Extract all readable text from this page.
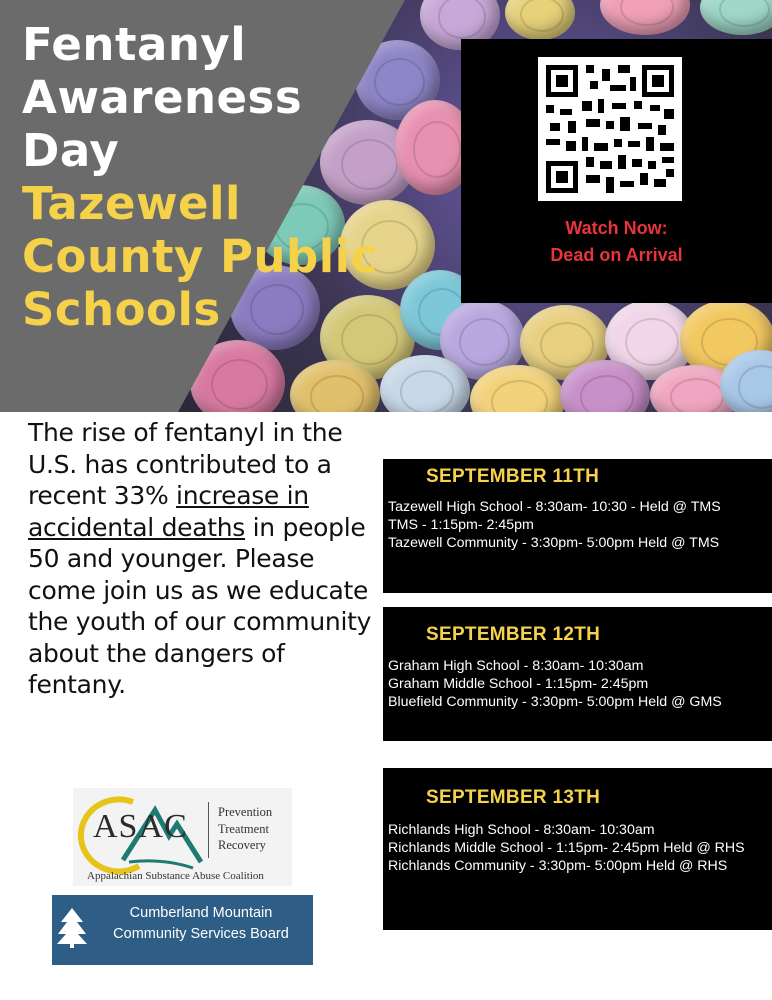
Fentanyl
Awareness
Day
Tazewell
County Public
Schools
Watch Now:
Dead on Arrival
The rise of fentanyl in the U.S. has contributed to a recent 33% increase in accidental deaths in people 50 and younger. Please come join us as we educate the youth of our community about the dangers of fentany.
SEPTEMBER 11TH
Tazewell High School - 8:30am- 10:30 - Held @ TMS
TMS - 1:15pm- 2:45pm
Tazewell Community - 3:30pm- 5:00pm Held @ TMS
SEPTEMBER 12TH
Graham High School - 8:30am- 10:30am
Graham Middle School - 1:15pm- 2:45pm
Bluefield Community - 3:30pm- 5:00pm Held @ GMS
SEPTEMBER 13TH
Richlands High School - 8:30am- 10:30am
Richlands Middle School - 1:15pm- 2:45pm Held @ RHS
Richlands Community - 3:30pm- 5:00pm Held @ RHS
ASAC Prevention
Treatment
Recovery
Appalachian Substance Abuse Coalition
Cumberland Mountain
Community Services Board
